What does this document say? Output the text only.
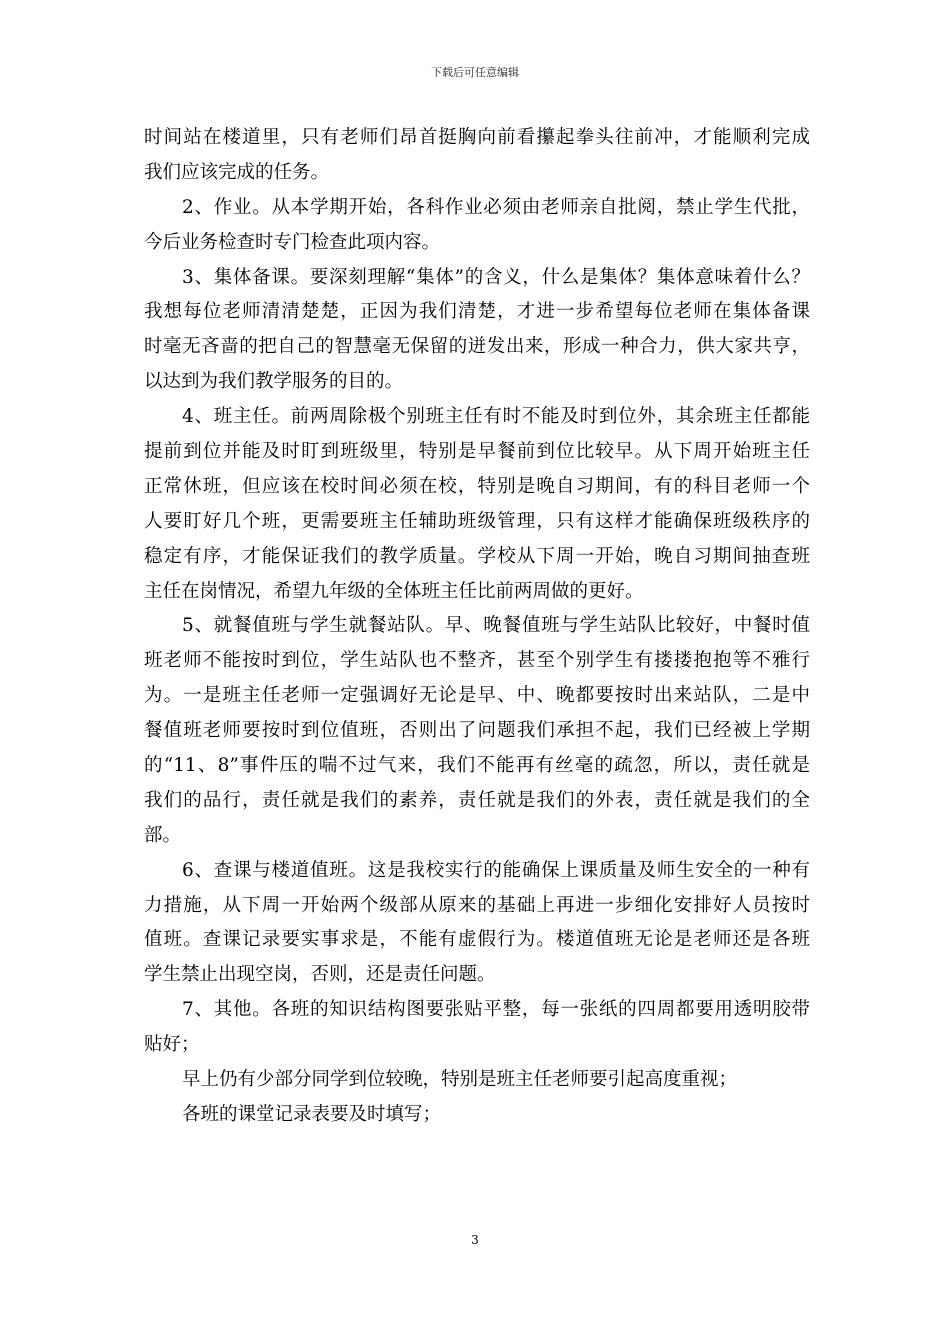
下载后可任意编辑
时间站在楼道里，只有老师们昂首挺胸向前看攥起拳头往前冲，才能顺利完成
我们应该完成的任务。
2、作业。从本学期开始，各科作业必须由老师亲自批阅，禁止学生代批，
今后业务检查时专门检查此项内容。
3、集体备课。要深刻理解“集体”的含义，什么是集体？集体意味着什么？
我想每位老师清清楚楚，正因为我们清楚，才进一步希望每位老师在集体备课
时毫无吝啬的把自己的智慧毫无保留的迸发出来，形成一种合力，供大家共亨，
以达到为我们教学服务的目的。
4、班主任。前两周除极个别班主任有时不能及时到位外，其余班主任都能
提前到位并能及时盯到班级里，特别是早餐前到位比较早。从下周开始班主任
正常休班，但应该在校时间必须在校，特别是晚自习期间，有的科目老师一个
人要盯好几个班，更需要班主任辅助班级管理，只有这样才能确保班级秩序的
稳定有序，才能保证我们的教学质量。学校从下周一开始，晚自习期间抽查班
主任在岗情况，希望九年级的全体班主任比前两周做的更好。
5、就餐值班与学生就餐站队。早、晚餐值班与学生站队比较好，中餐时值
班老师不能按时到位，学生站队也不整齐，甚至个别学生有搂搂抱抱等不雅行
为。一是班主任老师一定强调好无论是早、中、晚都要按时出来站队，二是中
餐值班老师要按时到位值班，否则出了问题我们承担不起，我们已经被上学期
的“11、8”事件压的喘不过气来，我们不能再有丝毫的疏忽，所以，责任就是
我们的品行，责任就是我们的素养，责任就是我们的外表，责任就是我们的全
部。
6、查课与楼道值班。这是我校实行的能确保上课质量及师生安全的一种有
力措施，从下周一开始两个级部从原来的基础上再进一步细化安排好人员按时
值班。查课记录要实事求是，不能有虚假行为。楼道值班无论是老师还是各班
学生禁止出现空岗，否则，还是责任问题。
7、其他。各班的知识结构图要张贴平整，每一张纸的四周都要用透明胶带
贴好；
早上仍有少部分同学到位较晚，特别是班主任老师要引起高度重视；
各班的课堂记录表要及时填写；
3
